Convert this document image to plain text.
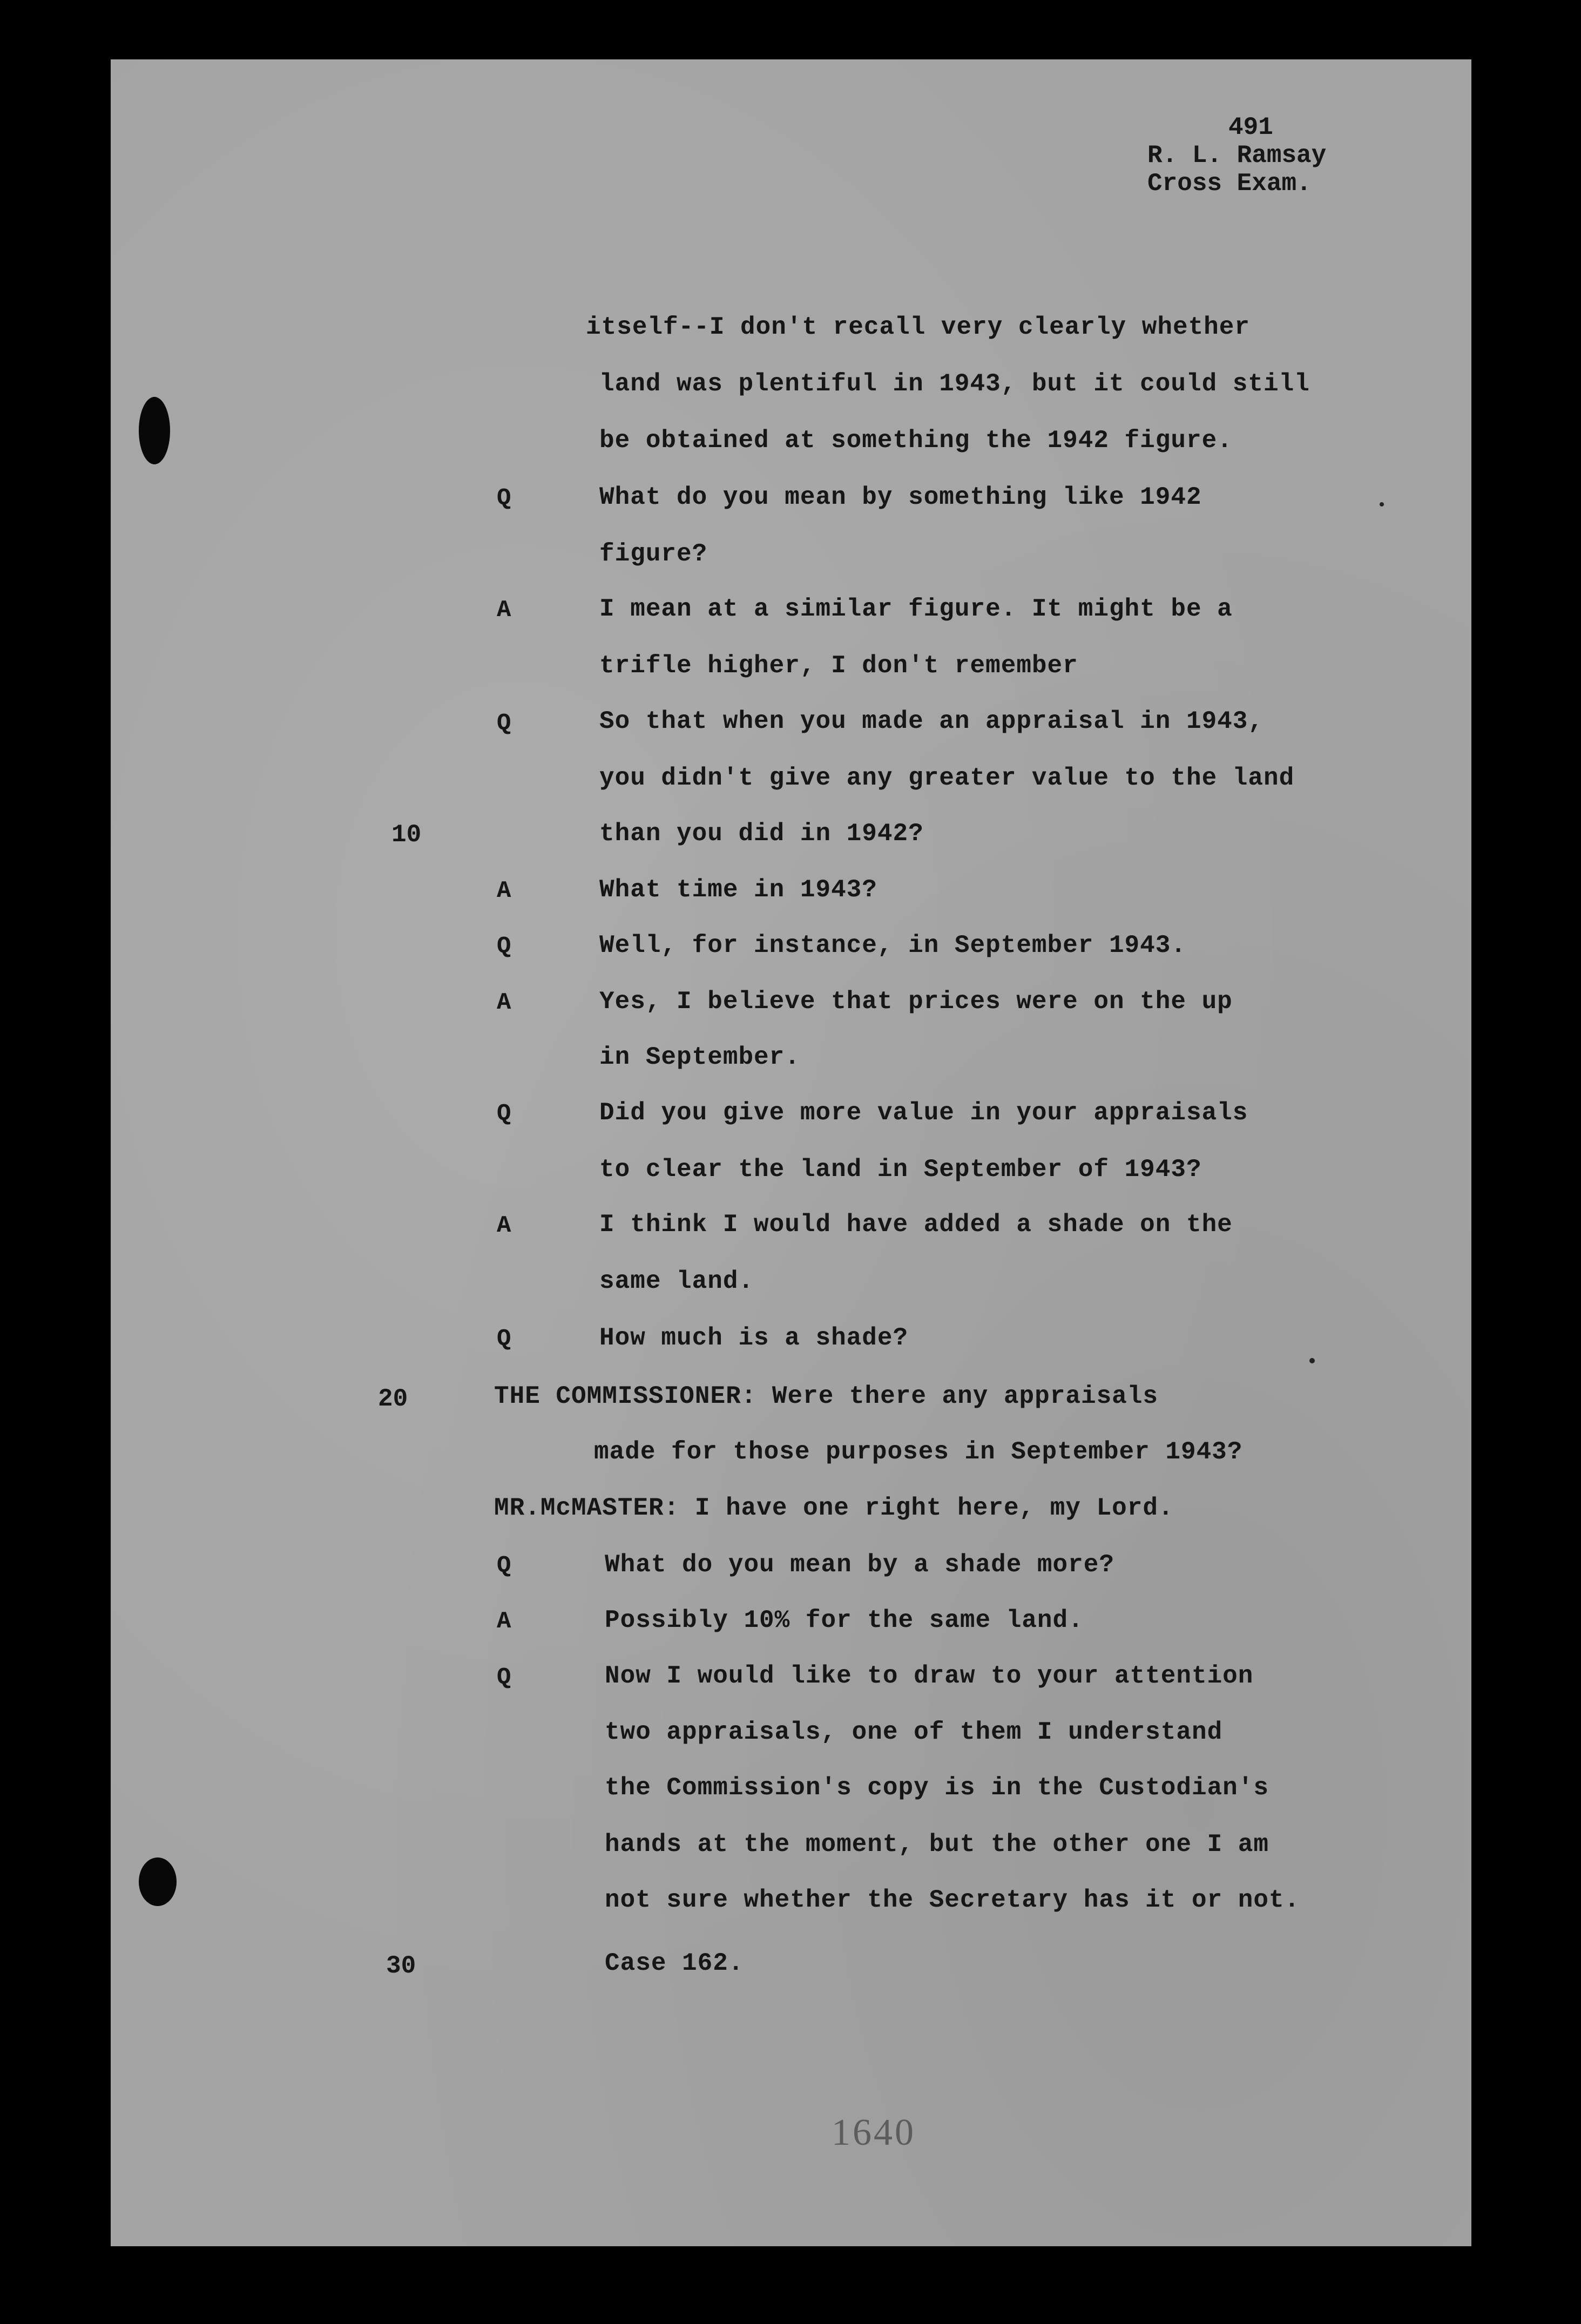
491
R. L. Ramsay
Cross Exam.
10
20
30
Q
A
Q
A
Q
A
Q
A
Q
Q
A
Q
itself--I don't recall very clearly whether
land was plentiful in 1943, but it could still
be obtained at something the 1942 figure.
What do you mean by something like 1942
figure?
I mean at a similar figure. It might be a
trifle higher, I don't remember
So that when you made an appraisal in 1943,
you didn't give any greater value to the land
than you did in 1942?
What time in 1943?
Well, for instance, in September 1943.
Yes, I believe that prices were on the up
in September.
Did you give more value in your appraisals
to clear the land in September of 1943?
I think I would have added a shade on the
same land.
How much is a shade?
THE COMMISSIONER: Were there any appraisals
made for those purposes in September 1943?
MR.McMASTER: I have one right here, my Lord.
What do you mean by a shade more?
Possibly 10% for the same land.
Now I would like to draw to your attention
two appraisals, one of them I understand
the Commission's copy is in the Custodian's
hands at the moment, but the other one I am
not sure whether the Secretary has it or not.
Case 162.
1640
